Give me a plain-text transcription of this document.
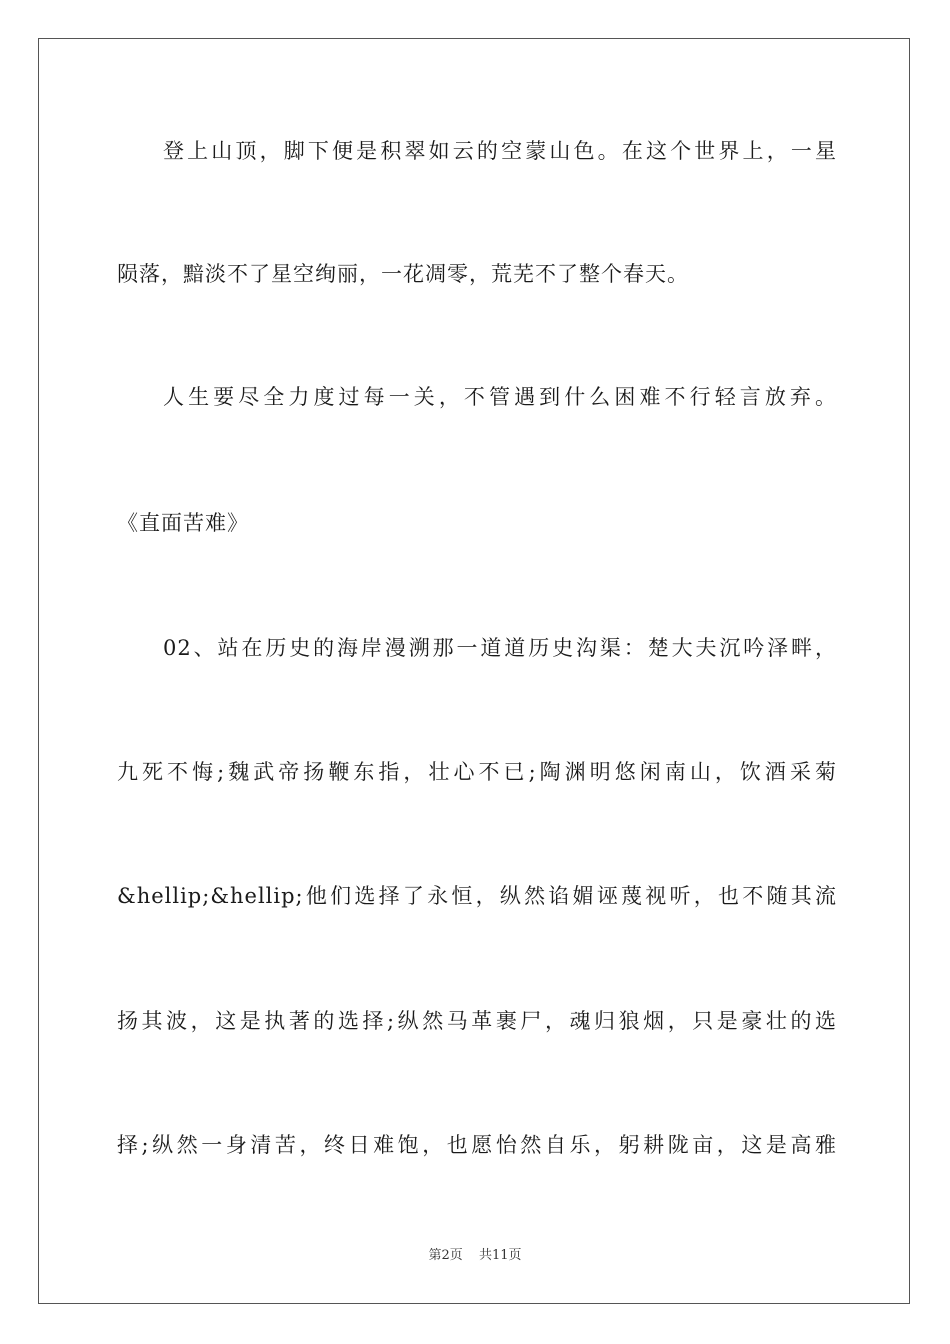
登上山顶，脚下便是积翠如云的空蒙山色。在这个世界上，一星
陨落，黯淡不了星空绚丽，一花凋零，荒芜不了整个春天。
人生要尽全力度过每一关，不管遇到什么困难不行轻言放弃。
《直面苦难》
02、站在历史的海岸漫溯那一道道历史沟渠：楚大夫沉吟泽畔，
九死不悔;魏武帝扬鞭东指，壮心不已;陶渊明悠闲南山，饮酒采菊
&hellip;&hellip;他们选择了永恒，纵然谄媚诬蔑视听，也不随其流
扬其波，这是执著的选择;纵然马革裹尸，魂归狼烟，只是豪壮的选
择;纵然一身清苦，终日难饱，也愿怡然自乐，躬耕陇亩，这是高雅
第2页 共11页
